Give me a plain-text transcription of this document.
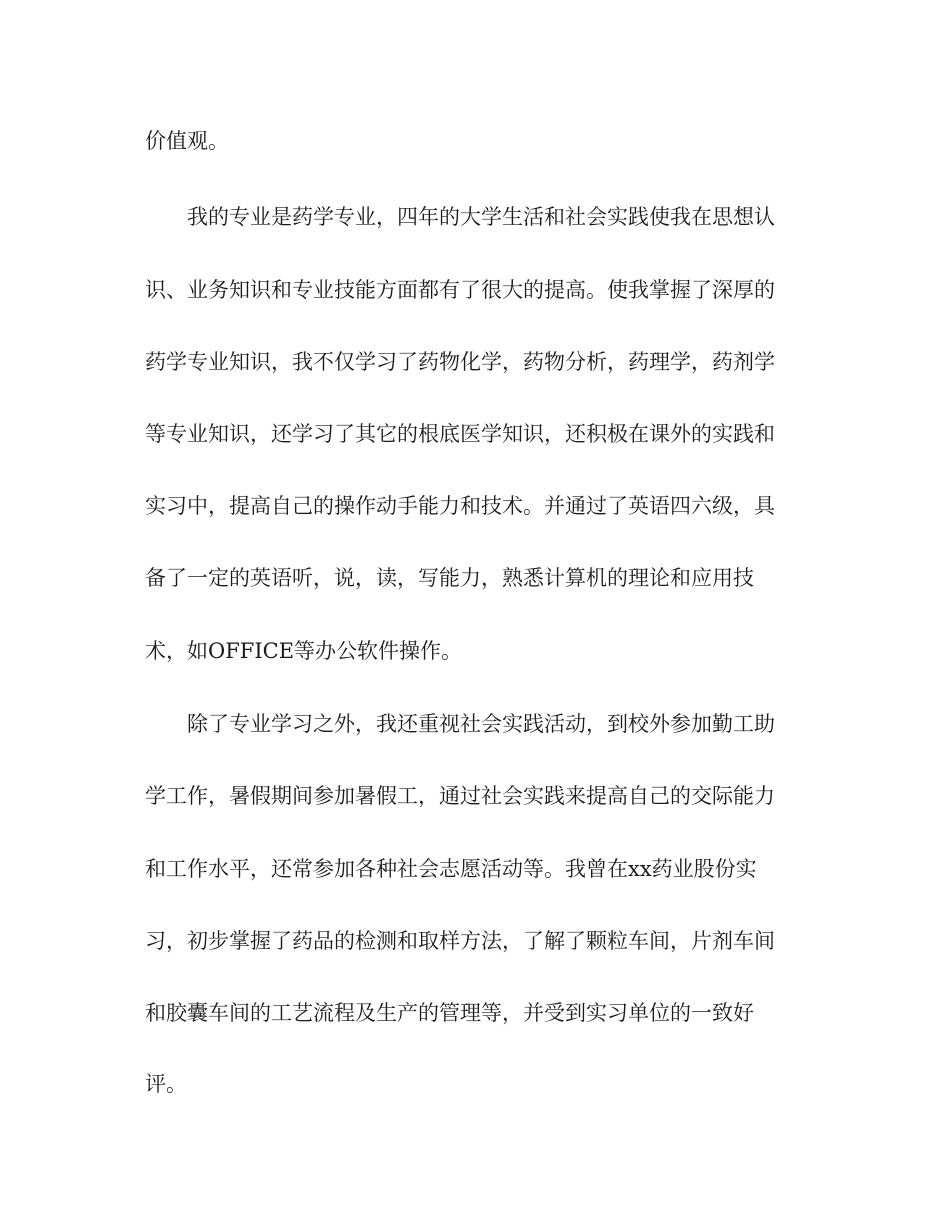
价值观。
我的专业是药学专业，四年的大学生活和社会实践使我在思想认
识、业务知识和专业技能方面都有了很大的提高。使我掌握了深厚的
药学专业知识，我不仅学习了药物化学，药物分析，药理学，药剂学
等专业知识，还学习了其它的根底医学知识，还积极在课外的实践和
实习中，提高自己的操作动手能力和技术。并通过了英语四六级，具
备了一定的英语听，说，读，写能力，熟悉计算机的理论和应用技
术，如OFFICE等办公软件操作。
除了专业学习之外，我还重视社会实践活动，到校外参加勤工助
学工作，暑假期间参加暑假工，通过社会实践来提高自己的交际能力
和工作水平，还常参加各种社会志愿活动等。我曾在xx药业股份实
习，初步掌握了药品的检测和取样方法，了解了颗粒车间，片剂车间
和胶囊车间的工艺流程及生产的管理等，并受到实习单位的一致好
评。
